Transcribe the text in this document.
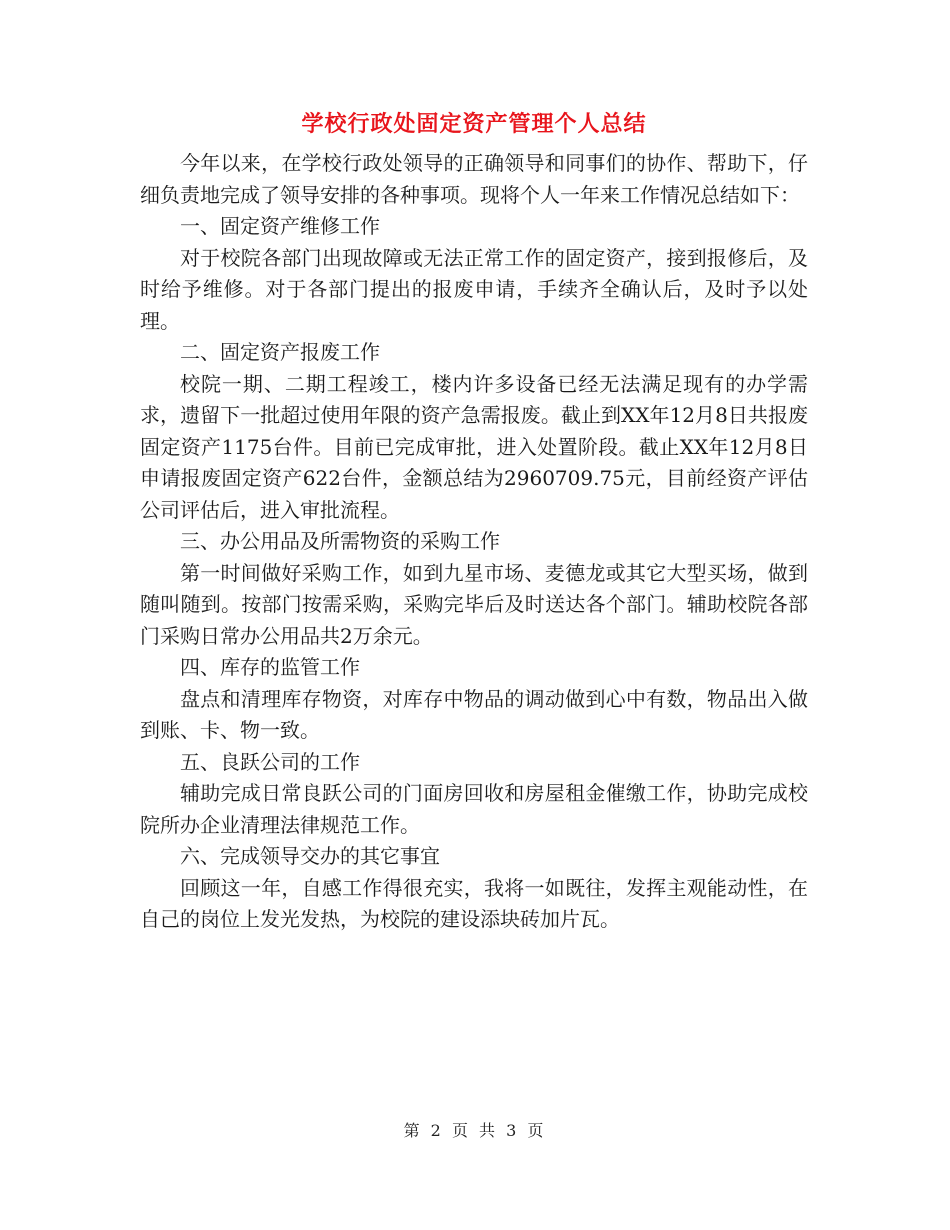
学校行政处固定资产管理个人总结

今年以来，在学校行政处领导的正确领导和同事们的协作、帮助下，仔细负责地完成了领导安排的各种事项。现将个人一年来工作情况总结如下：

一、固定资产维修工作

对于校院各部门出现故障或无法正常工作的固定资产，接到报修后，及时给予维修。对于各部门提出的报废申请，手续齐全确认后，及时予以处理。

二、固定资产报废工作

校院一期、二期工程竣工，楼内许多设备已经无法满足现有的办学需求，遗留下一批超过使用年限的资产急需报废。截止到XX年12月8日共报废固定资产1175台件。目前已完成审批，进入处置阶段。截止XX年12月8日申请报废固定资产622台件，金额总结为2960709.75元，目前经资产评估公司评估后，进入审批流程。

三、办公用品及所需物资的采购工作

第一时间做好采购工作，如到九星市场、麦德龙或其它大型买场，做到随叫随到。按部门按需采购，采购完毕后及时送达各个部门。辅助校院各部门采购日常办公用品共2万余元。

四、库存的监管工作

盘点和清理库存物资，对库存中物品的调动做到心中有数，物品出入做到账、卡、物一致。

五、良跃公司的工作

辅助完成日常良跃公司的门面房回收和房屋租金催缴工作，协助完成校院所办企业清理法律规范工作。

六、完成领导交办的其它事宜

回顾这一年，自感工作得很充实，我将一如既往，发挥主观能动性，在自己的岗位上发光发热，为校院的建设添块砖加片瓦。

第 2 页 共 3 页
